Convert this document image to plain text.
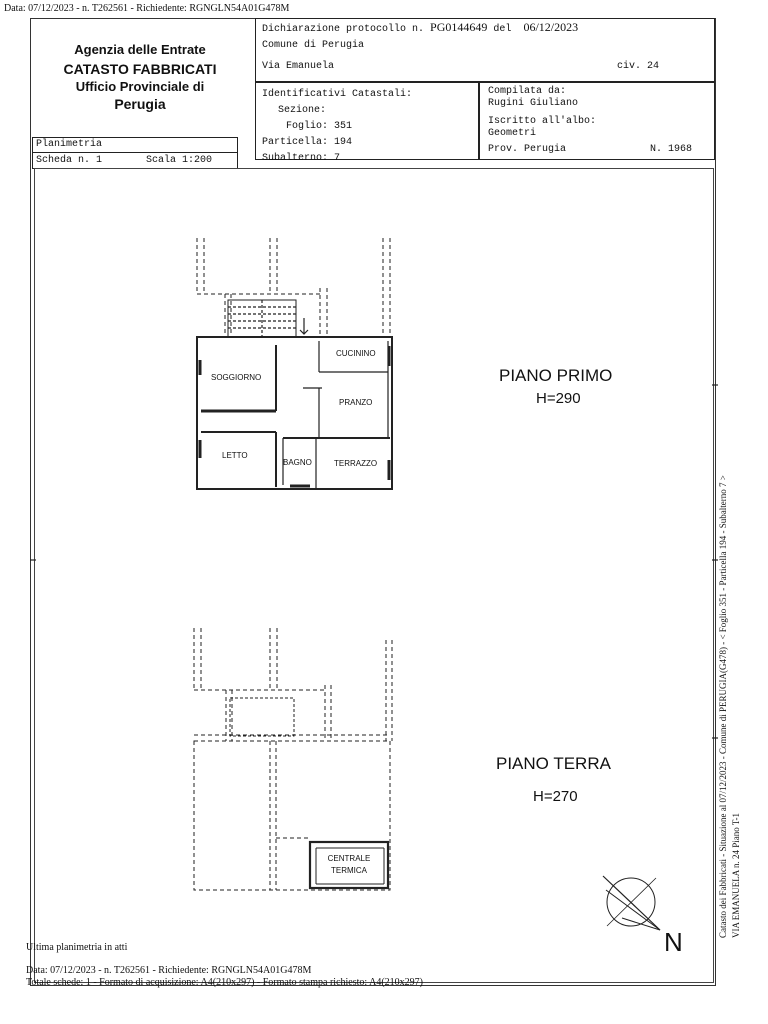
Data: 07/12/2023 - n. T262561 - Richiedente: RGNGLN54A01G478M
Agenzia delle Entrate
CATASTO FABBRICATI
Ufficio Provinciale di
Perugia
Dichiarazione protocollo n. PG0144649 del 06/12/2023
Comune di Perugia
Via Emanuela	civ. 24
Identificativi Catastali:
Sezione:
Foglio: 351
Particella: 194
Subalterno: 7
Compilata da:
Rugini Giuliano
Iscritto all'albo:
Geometri
Prov. Perugia	N. 1968
Planimetria
Scheda n. 1	Scala 1:200
SOGGIORNO
CUCININO
PRANZO
LETTO
BAGNO	TERRAZZO
PIANO PRIMO
H=290
PIANO TERRA
H=270
CENTRALE
TERMICA
N
Catasto dei Fabbricati - Situazione al 07/12/2023 - Comune di PERUGIA(G478) - < Foglio 351 - Particella 194 - Subalterno 7 > VIA EMANUELA n. 24 Piano T-1
Ultima planimetria in atti
Data: 07/12/2023 - n. T262561 - Richiedente: RGNGLN54A01G478M
Totale schede: 1 - Formato di acquisizione: A4(210x297) - Formato stampa richiesto: A4(210x297)
